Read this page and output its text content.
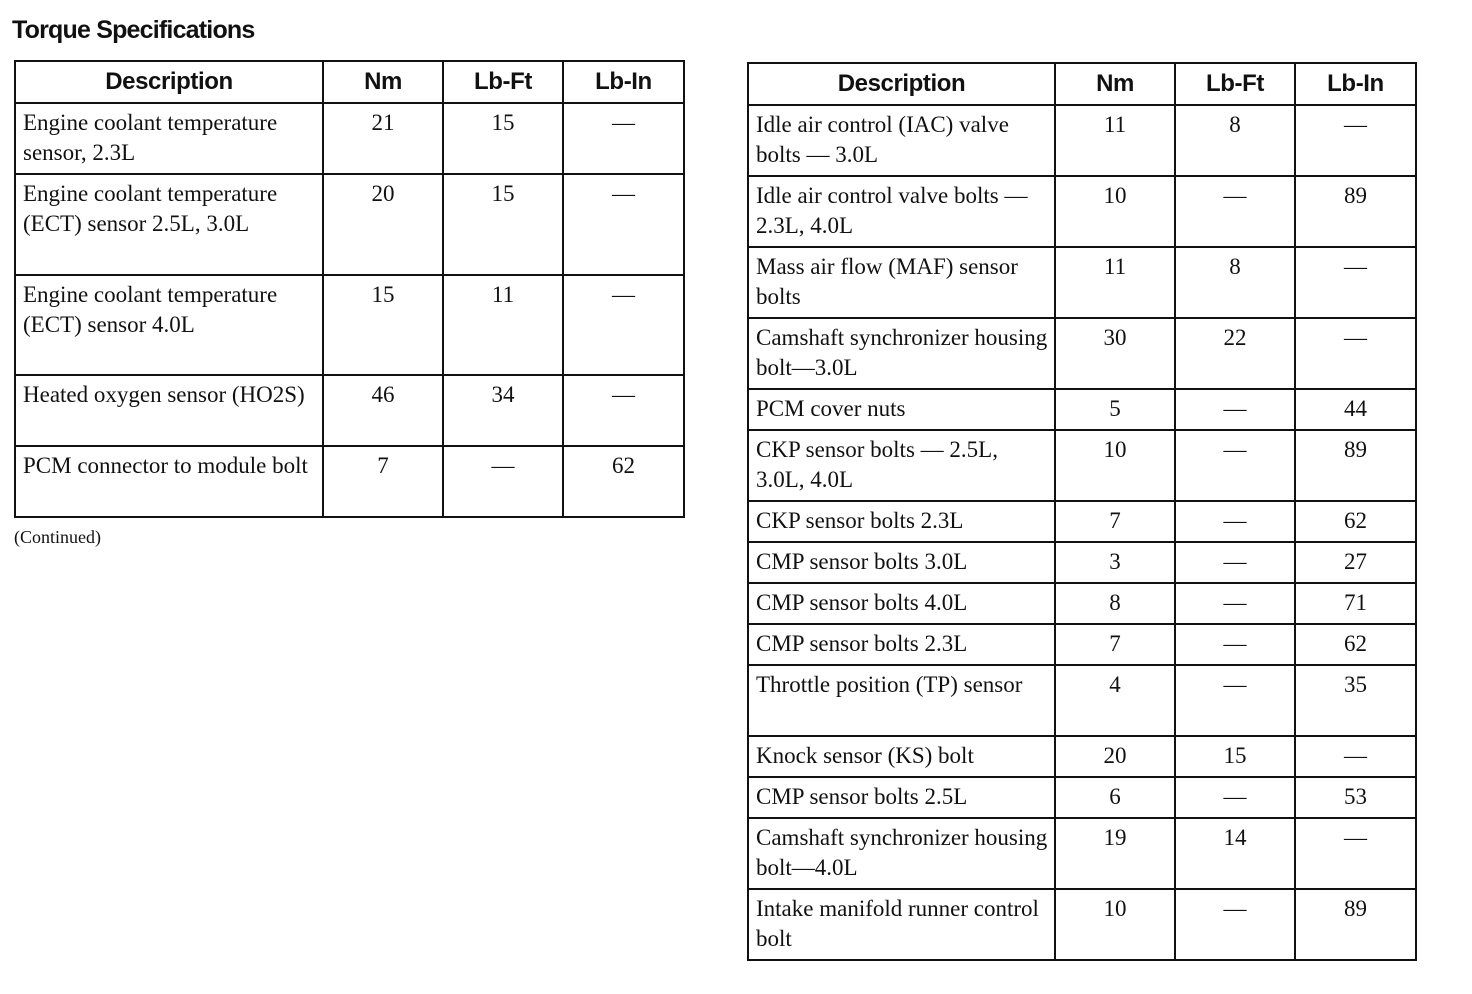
Torque Specifications
Description	Nm	Lb-Ft	Lb-In
Engine coolant temperature sensor, 2.3L	21	15	—
Engine coolant temperature (ECT) sensor 2.5L, 3.0L	20	15	—
Engine coolant temperature (ECT) sensor 4.0L	15	11	—
Heated oxygen sensor (HO2S)	46	34	—
PCM connector to module bolt	7	—	62

(Continued)

Description	Nm	Lb-Ft	Lb-In
Idle air control (IAC) valve bolts — 3.0L	11	8	—
Idle air control valve bolts — 2.3L, 4.0L	10	—	89
Mass air flow (MAF) sensor bolts	11	8	—
Camshaft synchronizer housing bolt—3.0L	30	22	—
PCM cover nuts	5	—	44
CKP sensor bolts — 2.5L, 3.0L, 4.0L	10	—	89
CKP sensor bolts 2.3L	7	—	62
CMP sensor bolts 3.0L	3	—	27
CMP sensor bolts 4.0L	8	—	71
CMP sensor bolts 2.3L	7	—	62
Throttle position (TP) sensor	4	—	35
Knock sensor (KS) bolt	20	15	—
CMP sensor bolts 2.5L	6	—	53
Camshaft synchronizer housing bolt—4.0L	19	14	—
Intake manifold runner control bolt	10	—	89
